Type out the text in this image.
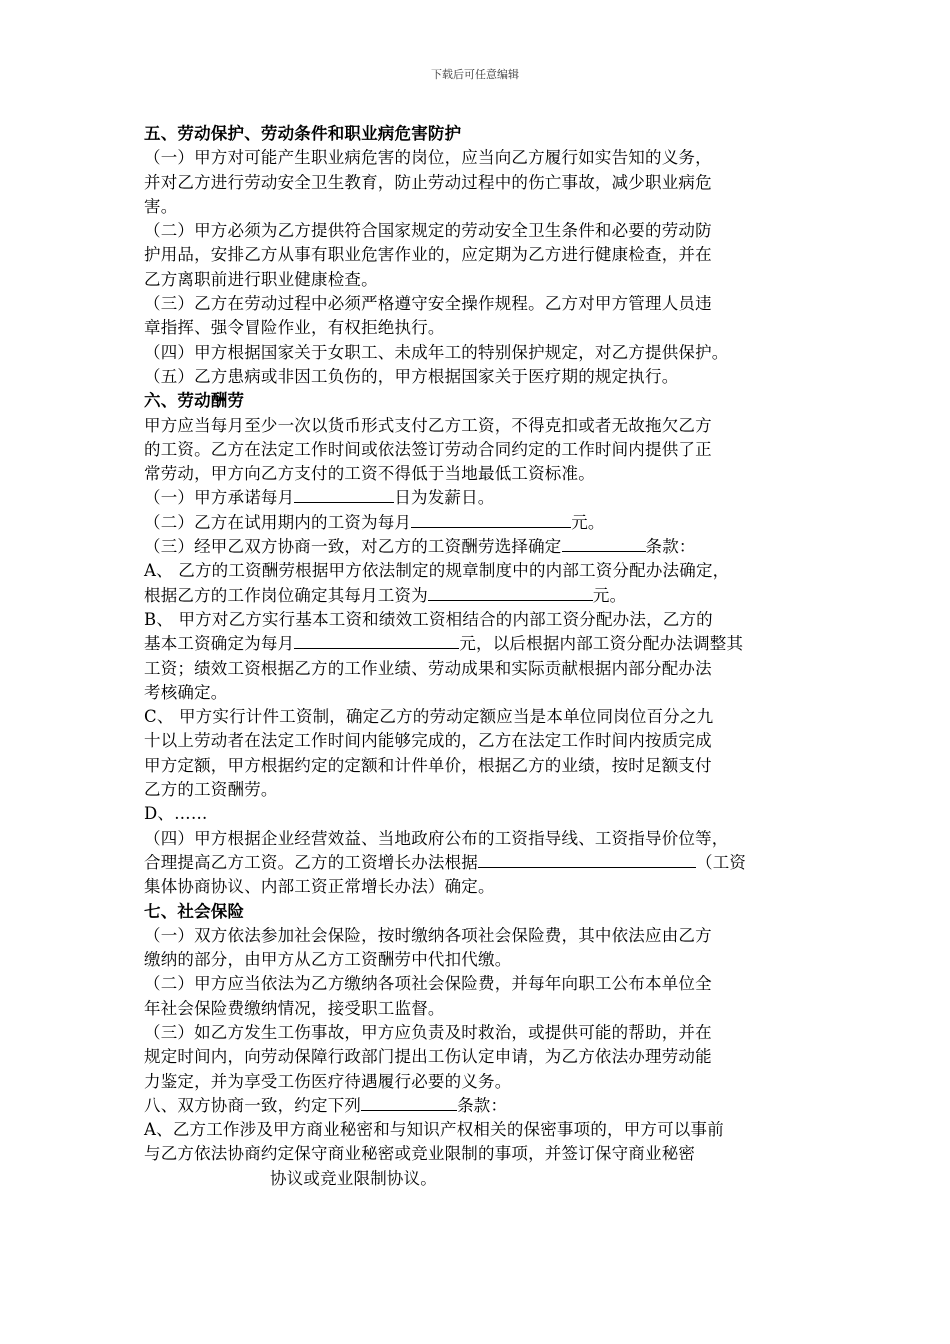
下载后可任意编辑
五、劳动保护、劳动条件和职业病危害防护
（一）甲方对可能产生职业病危害的岗位，应当向乙方履行如实告知的义务，
并对乙方进行劳动安全卫生教育，防止劳动过程中的伤亡事故，减少职业病危
害。
（二）甲方必须为乙方提供符合国家规定的劳动安全卫生条件和必要的劳动防
护用品，安排乙方从事有职业危害作业的，应定期为乙方进行健康检查，并在
乙方离职前进行职业健康检查。
（三）乙方在劳动过程中必须严格遵守安全操作规程。乙方对甲方管理人员违
章指挥、强令冒险作业，有权拒绝执行。
（四）甲方根据国家关于女职工、未成年工的特别保护规定，对乙方提供保护。
（五）乙方患病或非因工负伤的，甲方根据国家关于医疗期的规定执行。
六、劳动酬劳
甲方应当每月至少一次以货币形式支付乙方工资，不得克扣或者无故拖欠乙方
的工资。乙方在法定工作时间或依法签订劳动合同约定的工作时间内提供了正
常劳动，甲方向乙方支付的工资不得低于当地最低工资标准。
（一）甲方承诺每月	日为发薪日。
（二）乙方在试用期内的工资为每月	元。
（三）经甲乙双方协商一致，对乙方的工资酬劳选择确定	条款：
A、 乙方的工资酬劳根据甲方依法制定的规章制度中的内部工资分配办法确定，
根据乙方的工作岗位确定其每月工资为	元。
B、 甲方对乙方实行基本工资和绩效工资相结合的内部工资分配办法，乙方的
基本工资确定为每月	元，以后根据内部工资分配办法调整其
工资；绩效工资根据乙方的工作业绩、劳动成果和实际贡献根据内部分配办法
考核确定。
C、 甲方实行计件工资制，确定乙方的劳动定额应当是本单位同岗位百分之九
十以上劳动者在法定工作时间内能够完成的，乙方在法定工作时间内按质完成
甲方定额，甲方根据约定的定额和计件单价，根据乙方的业绩，按时足额支付
乙方的工资酬劳。
D、……
（四）甲方根据企业经营效益、当地政府公布的工资指导线、工资指导价位等，
合理提高乙方工资。乙方的工资增长办法根据	（工资
集体协商协议、内部工资正常增长办法）确定。
七、社会保险
（一）双方依法参加社会保险，按时缴纳各项社会保险费，其中依法应由乙方
缴纳的部分，由甲方从乙方工资酬劳中代扣代缴。
（二）甲方应当依法为乙方缴纳各项社会保险费，并每年向职工公布本单位全
年社会保险费缴纳情况，接受职工监督。
（三）如乙方发生工伤事故，甲方应负责及时救治，或提供可能的帮助，并在
规定时间内，向劳动保障行政部门提出工伤认定申请，为乙方依法办理劳动能
力鉴定，并为享受工伤医疗待遇履行必要的义务。
八、双方协商一致，约定下列	条款：
A、乙方工作涉及甲方商业秘密和与知识产权相关的保密事项的，甲方可以事前
与乙方依法协商约定保守商业秘密或竞业限制的事项，并签订保守商业秘密
协议或竞业限制协议。
